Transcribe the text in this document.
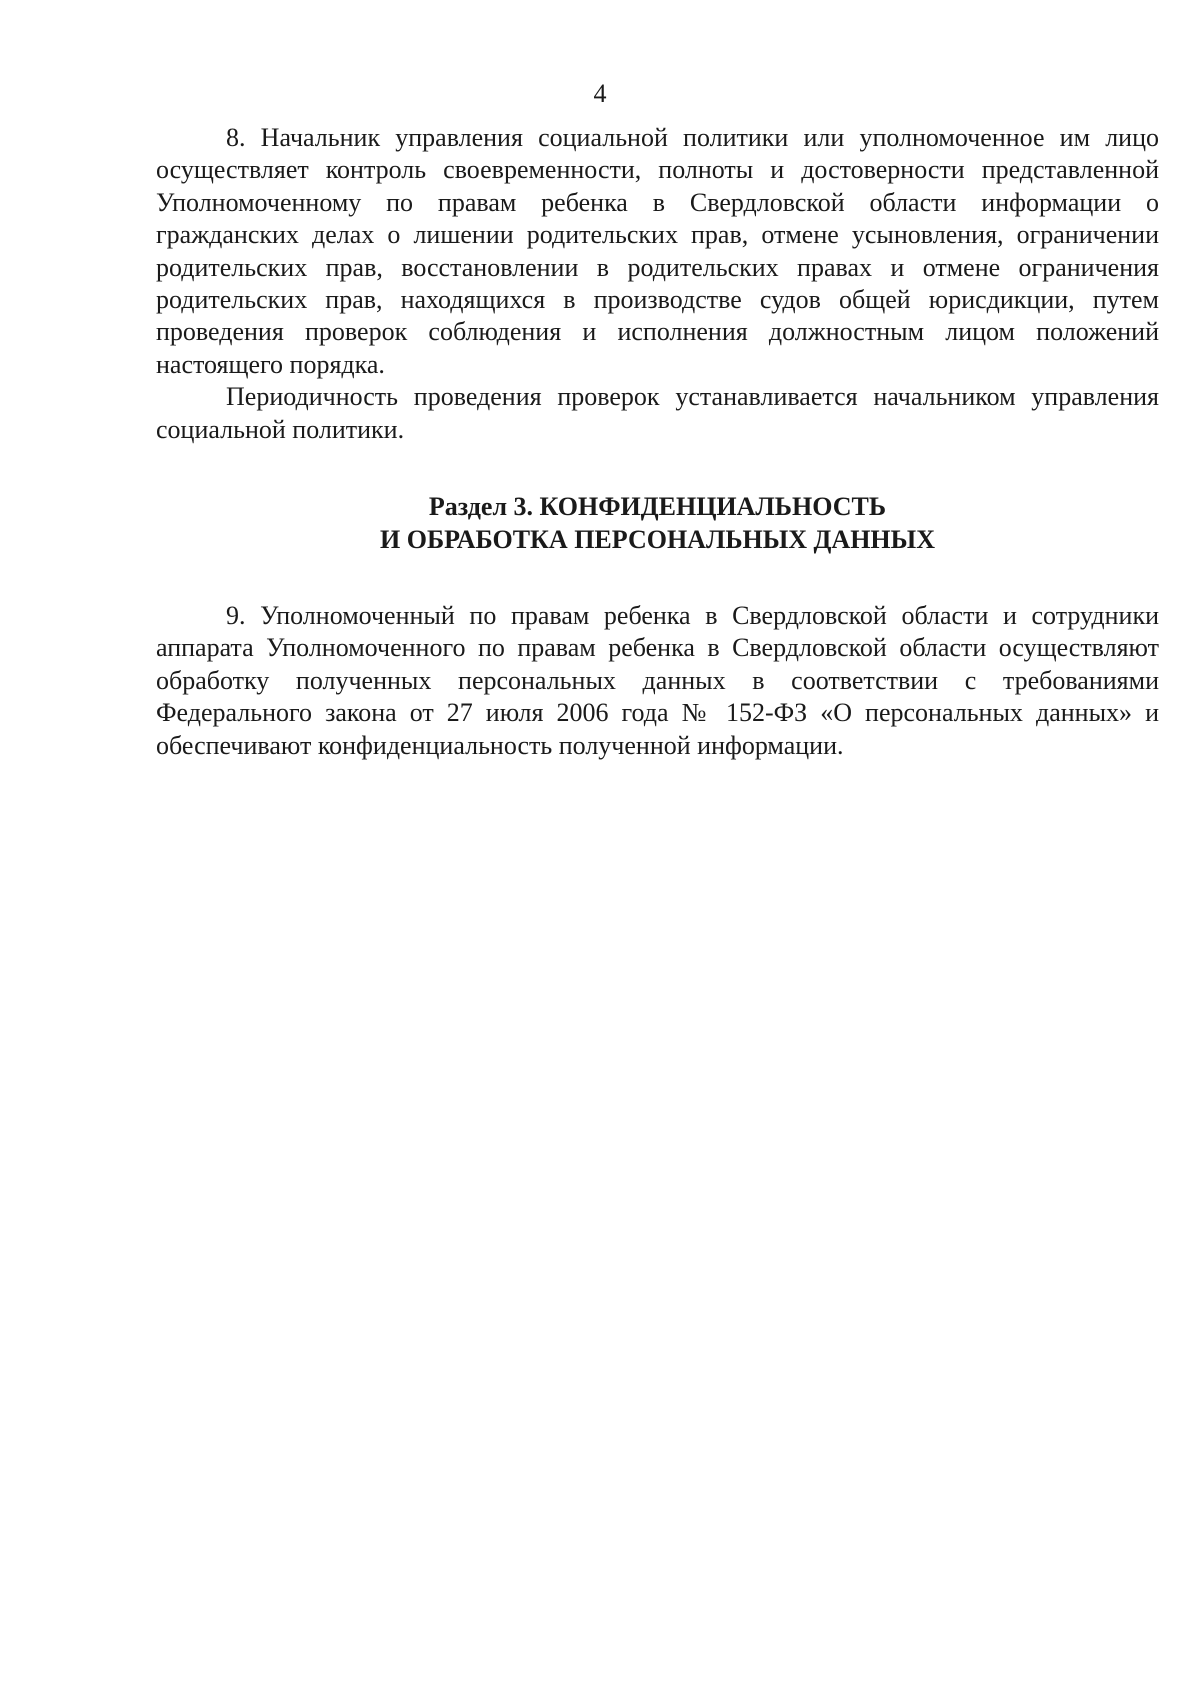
4

8. Начальник управления социальной политики или уполномоченное им лицо осуществляет контроль своевременности, полноты и достоверности представленной Уполномоченному по правам ребенка в Свердловской области информации о гражданских делах о лишении родительских прав, отмене усыновления, ограничении родительских прав, восстановлении в родительских правах и отмене ограничения родительских прав, находящихся в производстве судов общей юрисдикции, путем проведения проверок соблюдения и исполнения должностным лицом положений настоящего порядка.

Периодичность проведения проверок устанавливается начальником управления социальной политики.

Раздел 3. КОНФИДЕНЦИАЛЬНОСТЬ
И ОБРАБОТКА ПЕРСОНАЛЬНЫХ ДАННЫХ

9. Уполномоченный по правам ребенка в Свердловской области и сотрудники аппарата Уполномоченного по правам ребенка в Свердловской области осуществляют обработку полученных персональных данных в соответствии с требованиями Федерального закона от 27 июля 2006 года № 152-ФЗ «О персональных данных» и обеспечивают конфиденциальность полученной информации.
